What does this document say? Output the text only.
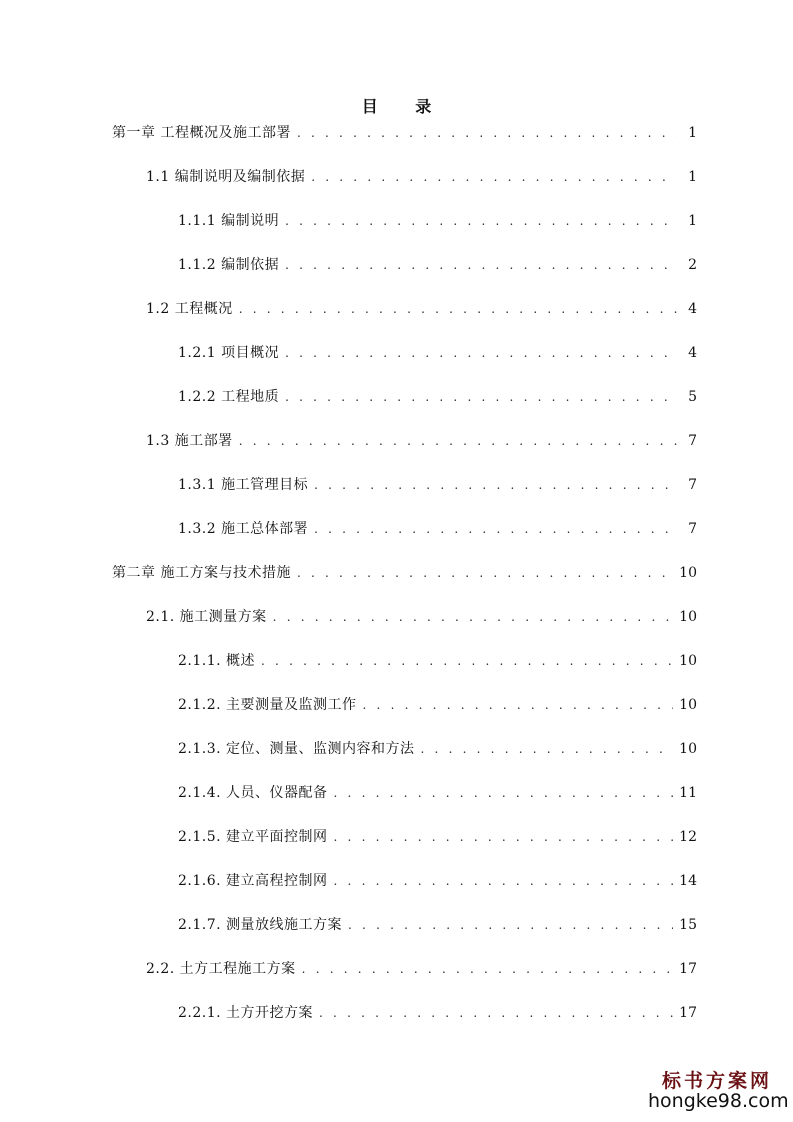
目 录
第一章 工程概况及施工部署 . . .	1
1.1 编制说明及编制依据 . . .	1
1.1.1 编制说明 . . .	1
1.1.2 编制依据 . . .	2
1.2 工程概况 . . .	4
1.2.1 项目概况 . . .	4
1.2.2 工程地质 . . .	5
1.3 施工部署 . . .	7
1.3.1 施工管理目标 . . .	7
1.3.2 施工总体部署 . . .	7
第二章 施工方案与技术措施 . . .	10
2.1. 施工测量方案 . . .	10
2.1.1. 概述 . . .	10
2.1.2. 主要测量及监测工作 . . .	10
2.1.3. 定位、测量、监测内容和方法 . . .	10
2.1.4. 人员、仪器配备 . . .	11
2.1.5. 建立平面控制网 . . .	12
2.1.6. 建立高程控制网 . . .	14
2.1.7. 测量放线施工方案 . . .	15
2.2. 土方工程施工方案 . . .	17
2.2.1. 土方开挖方案 . . .	17
标书方案网
hongke98.com
